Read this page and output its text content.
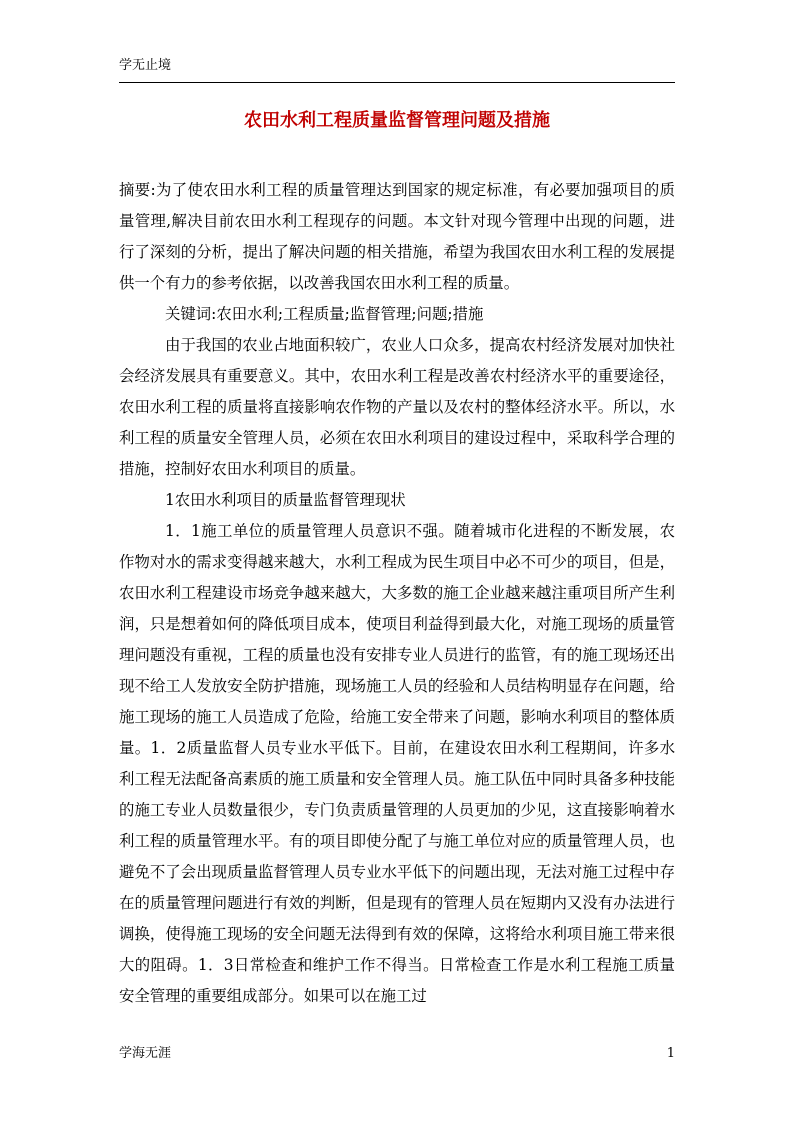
学无止境
农田水利工程质量监督管理问题及措施

摘要:为了使农田水利工程的质量管理达到国家的规定标准，有必要加强项目的质量管理,解决目前农田水利工程现存的问题。本文针对现今管理中出现的问题，进行了深刻的分析，提出了解决问题的相关措施，希望为我国农田水利工程的发展提供一个有力的参考依据，以改善我国农田水利工程的质量。

关键词:农田水利;工程质量;监督管理;问题;措施

由于我国的农业占地面积较广，农业人口众多，提高农村经济发展对加快社会经济发展具有重要意义。其中，农田水利工程是改善农村经济水平的重要途径，农田水利工程的质量将直接影响农作物的产量以及农村的整体经济水平。所以，水利工程的质量安全管理人员，必须在农田水利项目的建设过程中，采取科学合理的措施，控制好农田水利项目的质量。

1农田水利项目的质量监督管理现状

1．1施工单位的质量管理人员意识不强。随着城市化进程的不断发展，农作物对水的需求变得越来越大，水利工程成为民生项目中必不可少的项目，但是，农田水利工程建设市场竞争越来越大，大多数的施工企业越来越注重项目所产生利润，只是想着如何的降低项目成本，使项目利益得到最大化，对施工现场的质量管理问题没有重视，工程的质量也没有安排专业人员进行的监管，有的施工现场还出现不给工人发放安全防护措施，现场施工人员的经验和人员结构明显存在问题，给施工现场的施工人员造成了危险，给施工安全带来了问题，影响水利项目的整体质量。1．2质量监督人员专业水平低下。目前，在建设农田水利工程期间，许多水利工程无法配备高素质的施工质量和安全管理人员。施工队伍中同时具备多种技能的施工专业人员数量很少，专门负责质量管理的人员更加的少见，这直接影响着水利工程的质量管理水平。有的项目即使分配了与施工单位对应的质量管理人员，也避免不了会出现质量监督管理人员专业水平低下的问题出现，无法对施工过程中存在的质量管理问题进行有效的判断，但是现有的管理人员在短期内又没有办法进行调换，使得施工现场的安全问题无法得到有效的保障，这将给水利项目施工带来很大的阻碍。1．3日常检查和维护工作不得当。日常检查工作是水利工程施工质量安全管理的重要组成部分。如果可以在施工过

学海无涯	1
